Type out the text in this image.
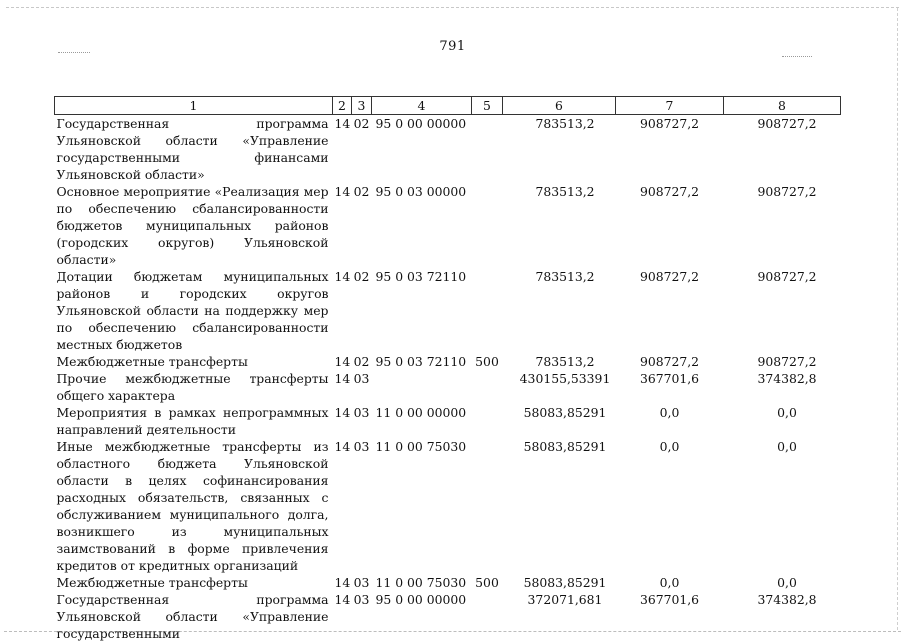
791
1	2	3	4	5	6	7	8
Государственная программа Ульяновской области «Управление государственными финансами Ульяновской области»	14	02	95 0 00 00000		783513,2	908727,2	908727,2
Основное мероприятие «Реализация мер по обеспечению сбалансированности бюджетов муниципальных районов (городских округов) Ульяновской области»	14	02	95 0 03 00000		783513,2	908727,2	908727,2
Дотации бюджетам муниципальных районов и городских округов Ульяновской области на поддержку мер по обеспечению сбалансированности местных бюджетов	14	02	95 0 03 72110		783513,2	908727,2	908727,2
Межбюджетные трансферты	14	02	95 0 03 72110	500	783513,2	908727,2	908727,2
Прочие межбюджетные трансферты общего характера	14	03			430155,53391	367701,6	374382,8
Мероприятия в рамках непрограммных направлений деятельности	14	03	11 0 00 00000		58083,85291	0,0	0,0
Иные межбюджетные трансферты из областного бюджета Ульяновской области в целях софинансирования расходных обязательств, связанных с обслуживанием муниципального долга, возникшего из муниципальных заимствований в форме привлечения кредитов от кредитных организаций	14	03	11 0 00 75030		58083,85291	0,0	0,0
Межбюджетные трансферты	14	03	11 0 00 75030	500	58083,85291	0,0	0,0
Государственная программа Ульяновской области «Управление государственными	14	03	95 0 00 00000		372071,681	367701,6	374382,8
